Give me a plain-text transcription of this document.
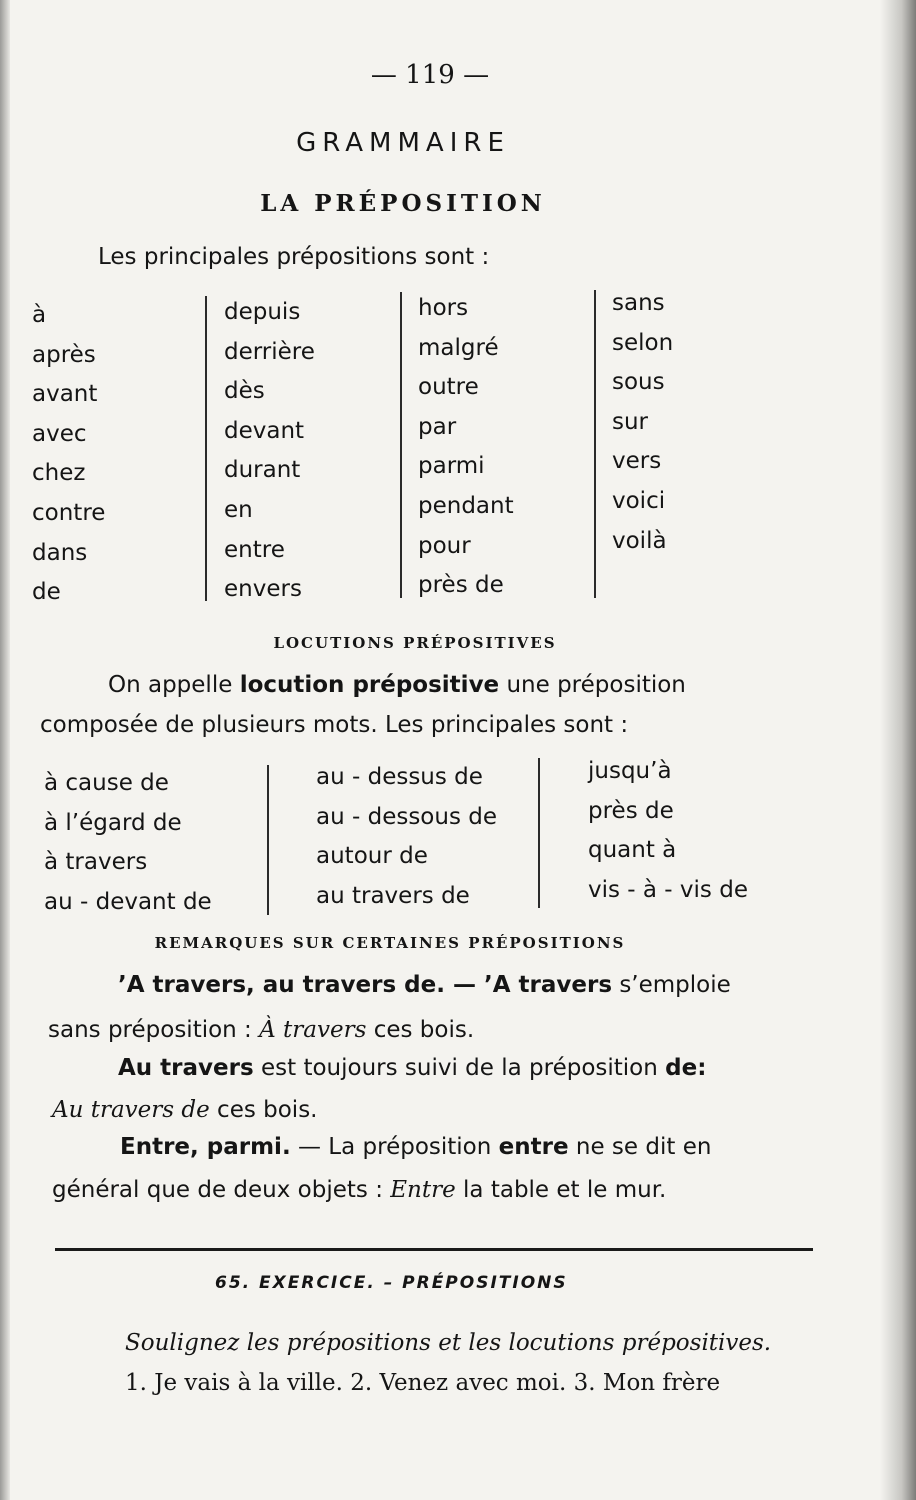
— 119 —
GRAMMAIRE
LA PRÉPOSITION
Les principales prépositions sont :
à
après
avant
avec
chez
contre
dans
de
depuis
derrière
dès
devant
durant
en
entre
envers
hors
malgré
outre
par
parmi
pendant
pour
près de
sans
selon
sous
sur
vers
voici
voilà
LOCUTIONS PRÉPOSITIVES
On appelle locution prépositive une préposition
composée de plusieurs mots. Les principales sont :
à cause de
à l’égard de
à travers
au - devant de
au - dessus de
au - dessous de
autour de
au travers de
jusqu’à
près de
quant à
vis - à - vis de
REMARQUES SUR CERTAINES PRÉPOSITIONS
’A travers, au travers de. — ’A travers s’emploie
sans préposition : À travers ces bois.
Au travers est toujours suivi de la préposition de:
Au travers de ces bois.
Entre, parmi. — La préposition entre ne se dit en
général que de deux objets : Entre la table et le mur.
65. EXERCICE. – PRÉPOSITIONS
Soulignez les prépositions et les locutions prépositives.
1. Je vais à la ville. 2. Venez avec moi. 3. Mon frère
